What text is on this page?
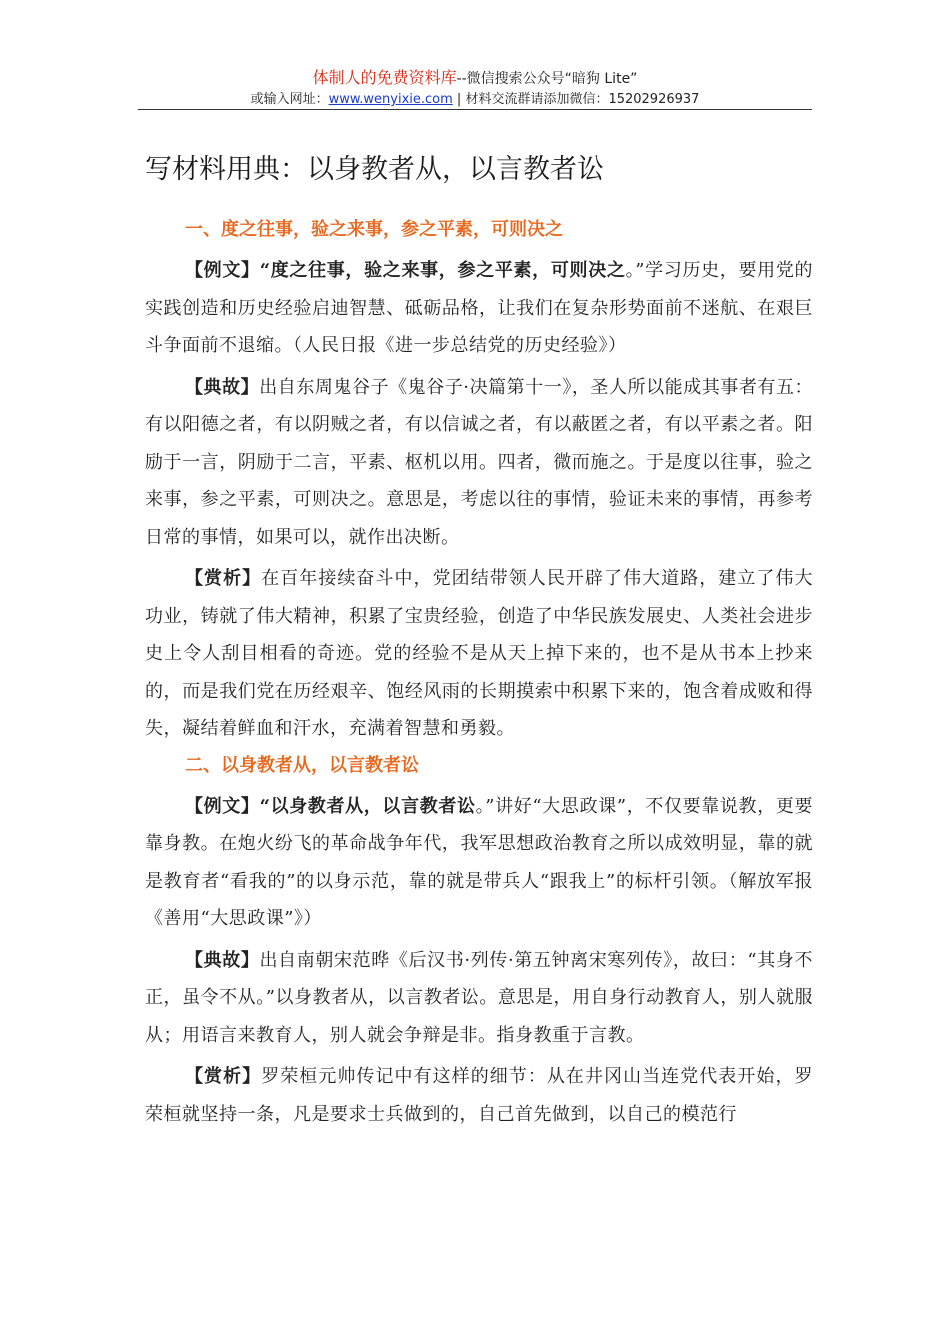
体制人的免费资料库--微信搜索公众号“暗狗 Lite”
或输入网址：www.wenyixie.com | 材料交流群请添加微信：15202926937
写材料用典：以身教者从，以言教者讼

一、度之往事，验之来事，参之平素，可则决之

【例文】“度之往事，验之来事，参之平素，可则决之。”学习历史，要用党的实践创造和历史经验启迪智慧、砥砺品格，让我们在复杂形势面前不迷航、在艰巨斗争面前不退缩。（人民日报《进一步总结党的历史经验》）

【典故】出自东周鬼谷子《鬼谷子·决篇第十一》，圣人所以能成其事者有五：有以阳德之者，有以阴贼之者，有以信诚之者，有以蔽匿之者，有以平素之者。阳励于一言，阴励于二言，平素、枢机以用。四者，微而施之。于是度以往事，验之来事，参之平素，可则决之。意思是，考虑以往的事情，验证未来的事情，再参考日常的事情，如果可以，就作出决断。

【赏析】在百年接续奋斗中，党团结带领人民开辟了伟大道路，建立了伟大功业，铸就了伟大精神，积累了宝贵经验，创造了中华民族发展史、人类社会进步史上令人刮目相看的奇迹。党的经验不是从天上掉下来的，也不是从书本上抄来的，而是我们党在历经艰辛、饱经风雨的长期摸索中积累下来的，饱含着成败和得失，凝结着鲜血和汗水，充满着智慧和勇毅。

二、以身教者从，以言教者讼

【例文】“以身教者从，以言教者讼。”讲好“大思政课”，不仅要靠说教，更要靠身教。在炮火纷飞的革命战争年代，我军思想政治教育之所以成效明显，靠的就是教育者“看我的”的以身示范，靠的就是带兵人“跟我上”的标杆引领。（解放军报《善用“大思政课”》）

【典故】出自南朝宋范晔《后汉书·列传·第五钟离宋寒列传》，故曰：“其身不正，虽令不从。”以身教者从，以言教者讼。意思是，用自身行动教育人，别人就服从；用语言来教育人，别人就会争辩是非。指身教重于言教。

【赏析】罗荣桓元帅传记中有这样的细节：从在井冈山当连党代表开始，罗荣桓就坚持一条，凡是要求士兵做到的，自己首先做到，以自己的模范行
